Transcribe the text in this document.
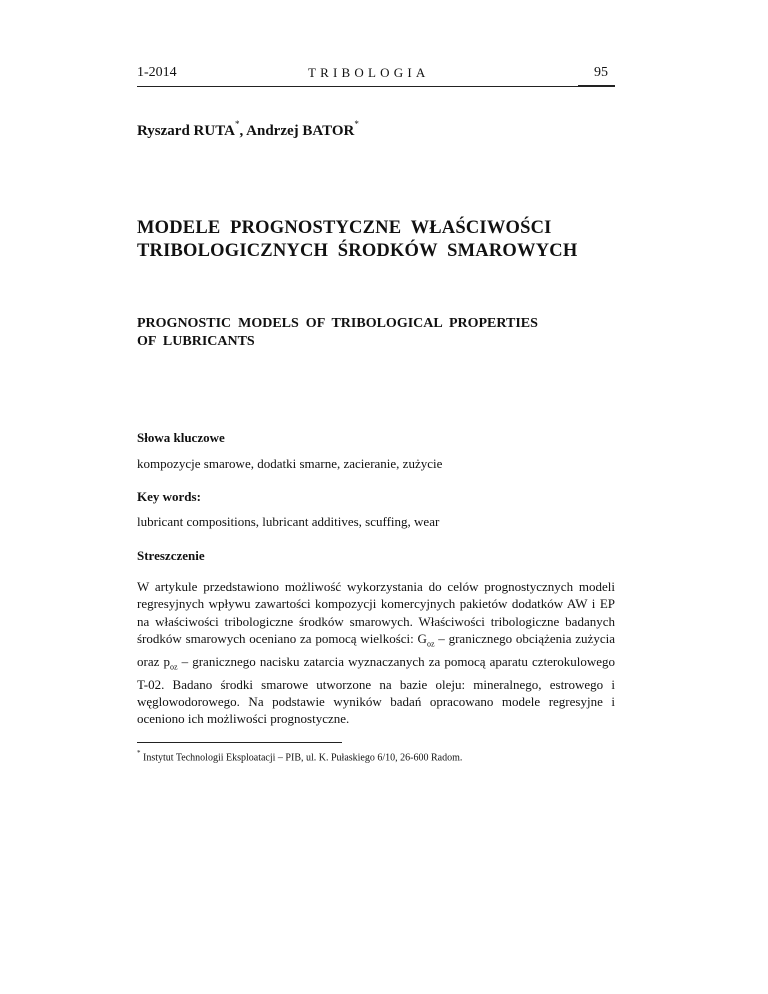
1-2014	TRIBOLOGIA	95
Ryszard RUTA*, Andrzej BATOR*
MODELE  PROGNOSTYCZNE  WŁAŚCIWOŚCI
TRIBOLOGICZNYCH  ŚRODKÓW  SMAROWYCH
PROGNOSTIC  MODELS  OF  TRIBOLOGICAL  PROPERTIES
OF  LUBRICANTS
Słowa kluczowe
kompozycje smarowe, dodatki smarne, zacieranie, zużycie
Key words:
lubricant compositions, lubricant additives, scuffing, wear
Streszczenie
W artykule przedstawiono możliwość wykorzystania do celów prognostycznych modeli regresyjnych wpływu zawartości kompozycji komercyjnych pakietów dodatków AW i EP na właściwości tribologiczne środków smarowych. Właściwości tribologiczne badanych środków smarowych oceniano za pomocą wielkości: $G_{oz}$ – granicznego obciążenia zużycia oraz $p_{oz}$ – granicznego nacisku zatarcia wyznaczanych za pomocą aparatu czterokulowego T-02. Badano środki smarowe utworzone na bazie oleju: mineralnego, estrowego i węglowodorowego. Na podstawie wyników badań opracowano modele regresyjne i oceniono ich możliwości prognostyczne.
* Instytut Technologii Eksploatacji – PIB, ul. K. Pułaskiego 6/10, 26-600 Radom.
